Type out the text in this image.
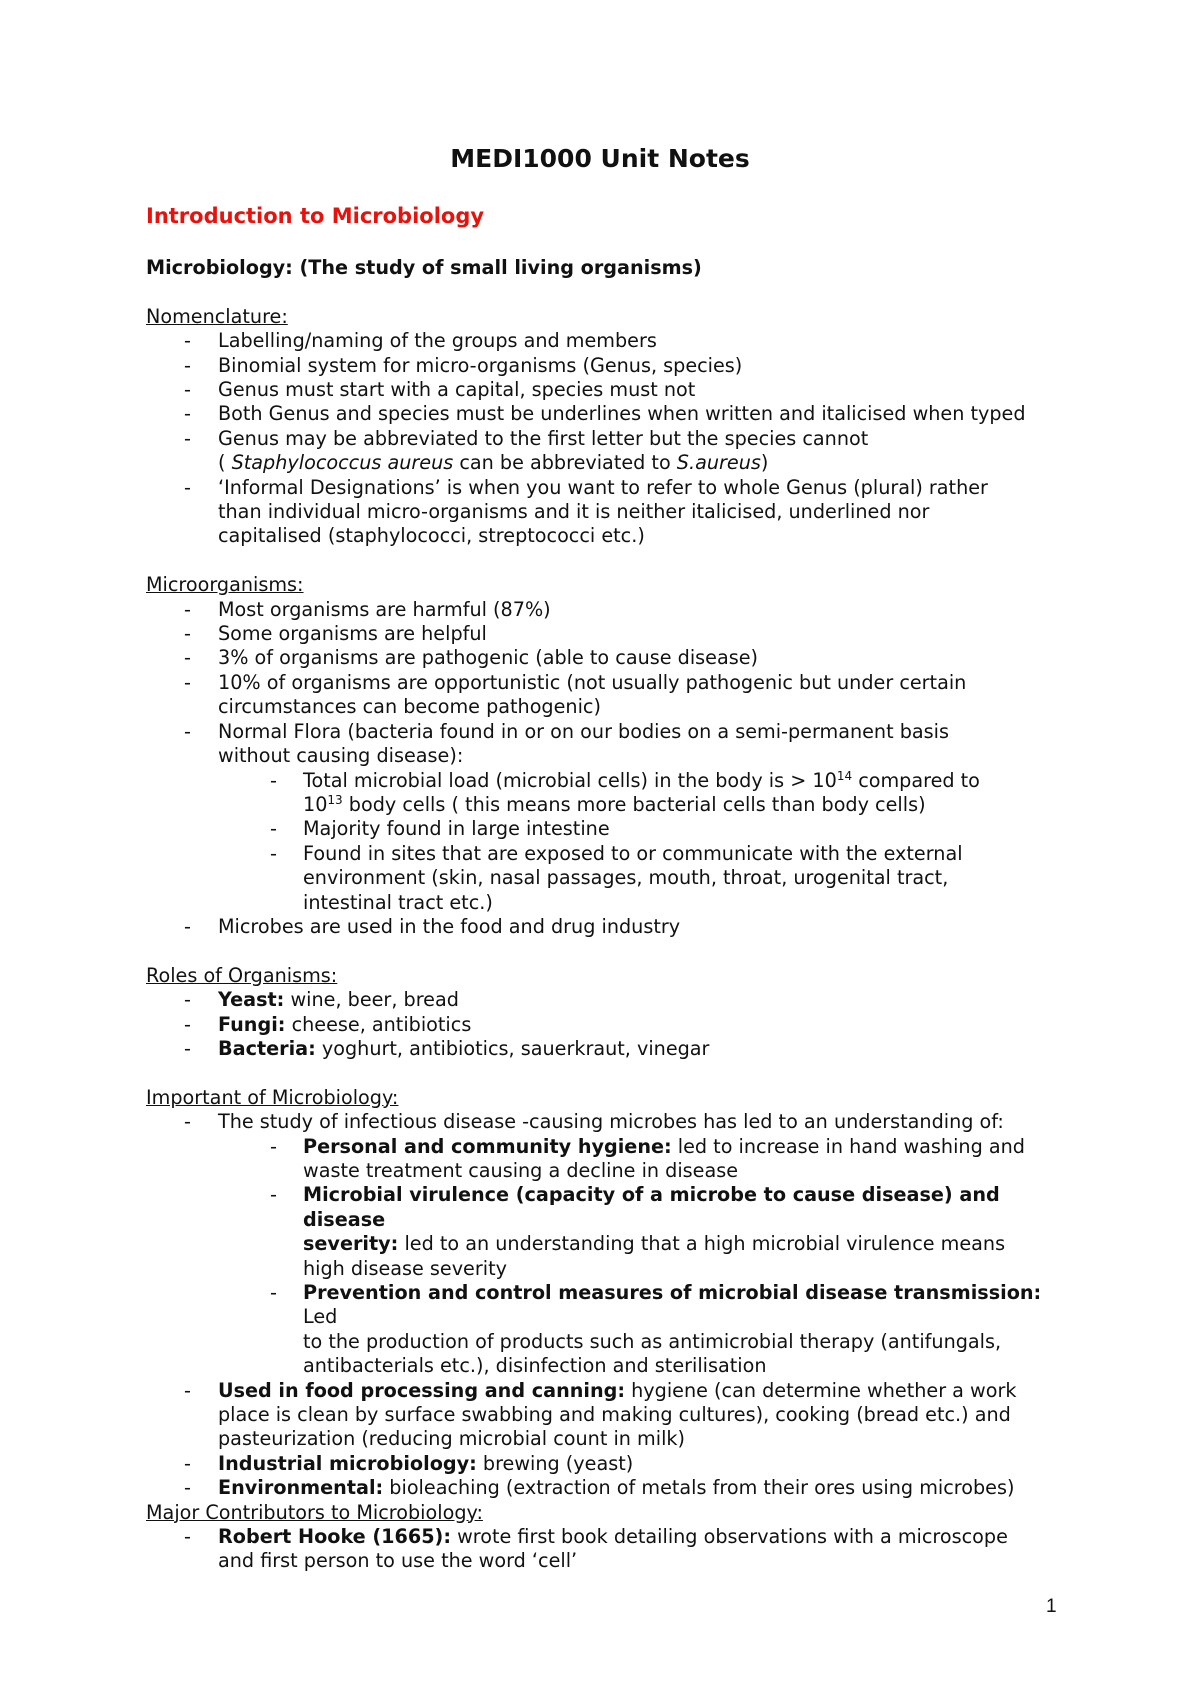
MEDI1000 Unit Notes
Introduction to Microbiology

Microbiology: (The study of small living organisms)

Nomenclature:

- Labelling/naming of the groups and members

- Binomial system for micro-organisms (Genus, species)

- Genus must start with a capital, species must not

- Both Genus and species must be underlines when written and italicised when typed

- Genus may be abbreviated to the first letter but the species cannot

( Staphylococcus aureus can be abbreviated to S.aureus)

- ‘Informal Designations’ is when you want to refer to whole Genus (plural) rather

than individual micro-organisms and it is neither italicised, underlined nor

capitalised (staphylococci, streptococci etc.)

Microorganisms:

- Most organisms are harmful (87%)

- Some organisms are helpful

- 3% of organisms are pathogenic (able to cause disease)

- 10% of organisms are opportunistic (not usually pathogenic but under certain

circumstances can become pathogenic)

- Normal Flora (bacteria found in or on our bodies on a semi-permanent basis

without causing disease):

- Total microbial load (microbial cells) in the body is > $10^{14}$ compared to

$10^{13}$ body cells ( this means more bacterial cells than body cells)

- Majority found in large intestine

- Found in sites that are exposed to or communicate with the external

environment (skin, nasal passages, mouth, throat, urogenital tract,

intestinal tract etc.)

- Microbes are used in the food and drug industry

Roles of Organisms:

- Yeast: wine, beer, bread

- Fungi: cheese, antibiotics

- Bacteria: yoghurt, antibiotics, sauerkraut, vinegar

Important of Microbiology:

- The study of infectious disease -causing microbes has led to an understanding of:

- Personal and community hygiene: led to increase in hand washing and

waste treatment causing a decline in disease

- Microbial virulence (capacity of a microbe to cause disease) and disease

severity: led to an understanding that a high microbial virulence means

high disease severity

- Prevention and control measures of microbial disease transmission: Led

to the production of products such as antimicrobial therapy (antifungals,

antibacterials etc.), disinfection and sterilisation

- Used in food processing and canning: hygiene (can determine whether a work

place is clean by surface swabbing and making cultures), cooking (bread etc.) and

pasteurization (reducing microbial count in milk)

- Industrial microbiology: brewing (yeast)

- Environmental: bioleaching (extraction of metals from their ores using microbes)

Major Contributors to Microbiology:

- Robert Hooke (1665): wrote first book detailing observations with a microscope

and first person to use the word ‘cell’

1
